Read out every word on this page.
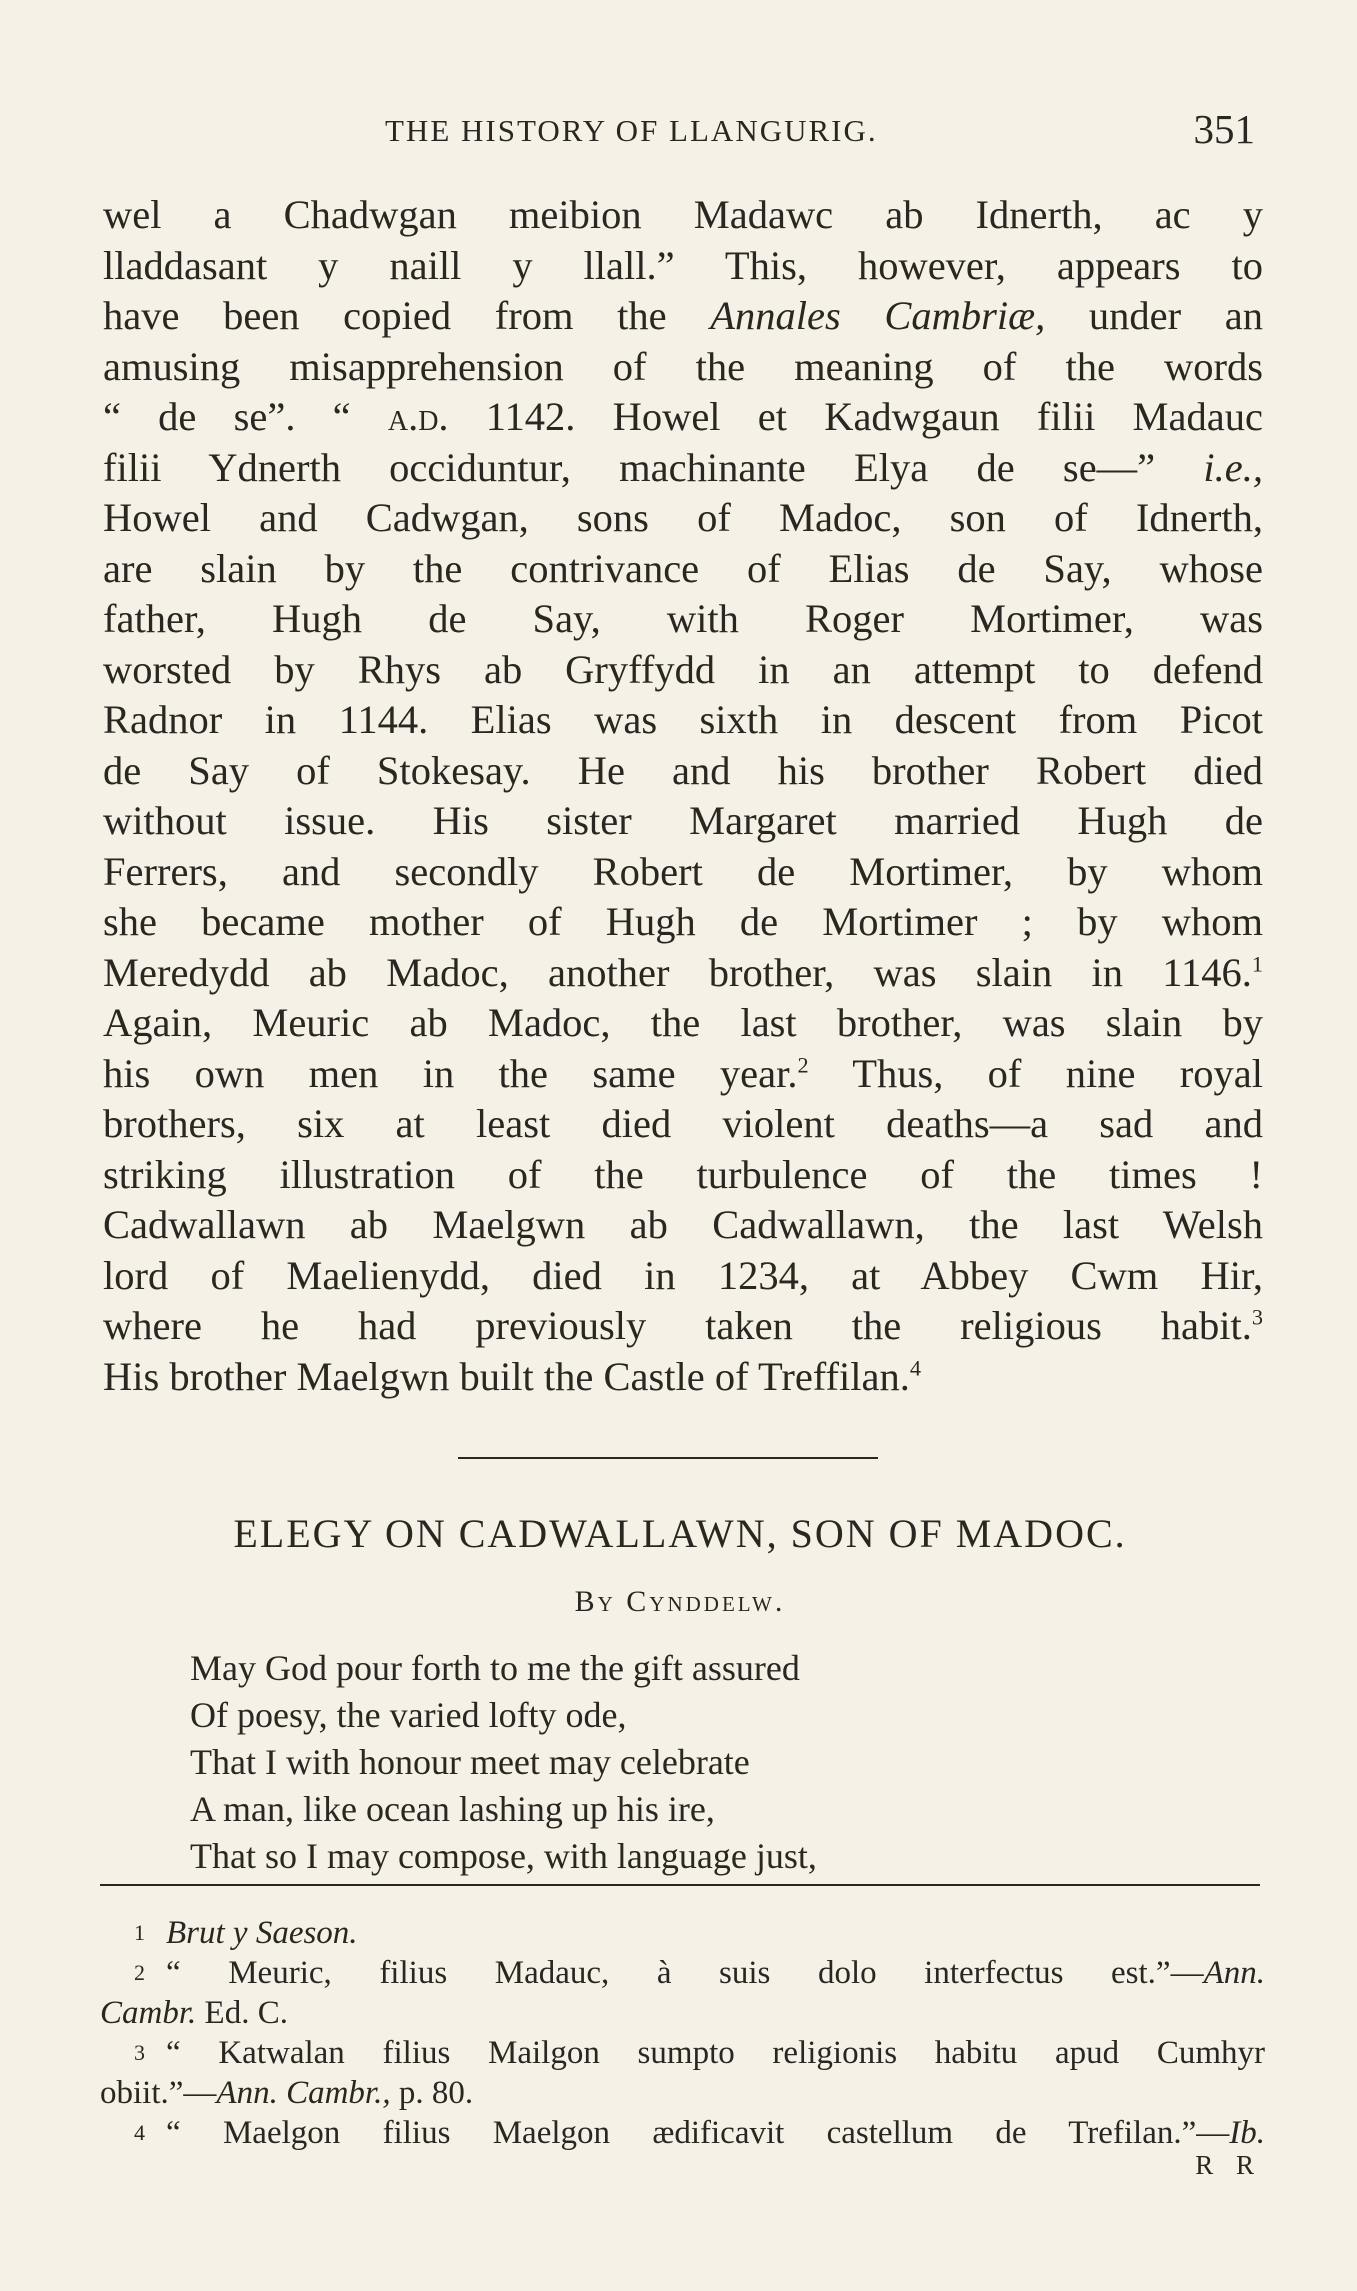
THE HISTORY OF LLANGURIG.	351
wel a Chadwgan meibion Madawc ab Idnerth, ac y
lladdasant y naill y llall.” This, however, appears to
have been copied from the Annales Cambriæ, under an
amusing misapprehension of the meaning of the words
“ de se”. “ a.d. 1142. Howel et Kadwgaun filii Madauc
filii Ydnerth occiduntur, machinante Elya de se—” i.e.,
Howel and Cadwgan, sons of Madoc, son of Idnerth,
are slain by the contrivance of Elias de Say, whose
father, Hugh de Say, with Roger Mortimer, was
worsted by Rhys ab Gryffydd in an attempt to defend
Radnor in 1144. Elias was sixth in descent from Picot
de Say of Stokesay. He and his brother Robert died
without issue. His sister Margaret married Hugh de
Ferrers, and secondly Robert de Mortimer, by whom
she became mother of Hugh de Mortimer ; by whom
Meredydd ab Madoc, another brother, was slain in 1146.$^1$
Again, Meuric ab Madoc, the last brother, was slain by
his own men in the same year.$^2$ Thus, of nine royal
brothers, six at least died violent deaths—a sad and
striking illustration of the turbulence of the times !
Cadwallawn ab Maelgwn ab Cadwallawn, the last Welsh
lord of Maelienydd, died in 1234, at Abbey Cwm Hir,
where he had previously taken the religious habit.$^3$
His brother Maelgwn built the Castle of Treffilan.$^4$
ELEGY ON CADWALLAWN, SON OF MADOC.
By Cynddelw.
May God pour forth to me the gift assured
Of poesy, the varied lofty ode,
That I with honour meet may celebrate
A man, like ocean lashing up his ire,
That so I may compose, with language just,
1 Brut y Saeson.
2 “ Meuric, filius Madauc, à suis dolo interfectus est.”—Ann.
Cambr. Ed. C.
3 “ Katwalan filius Mailgon sumpto religionis habitu apud Cumhyr
obiit.”—Ann. Cambr., p. 80.
4 “ Maelgon filius Maelgon ædificavit castellum de Trefilan.”—Ib.
R R
